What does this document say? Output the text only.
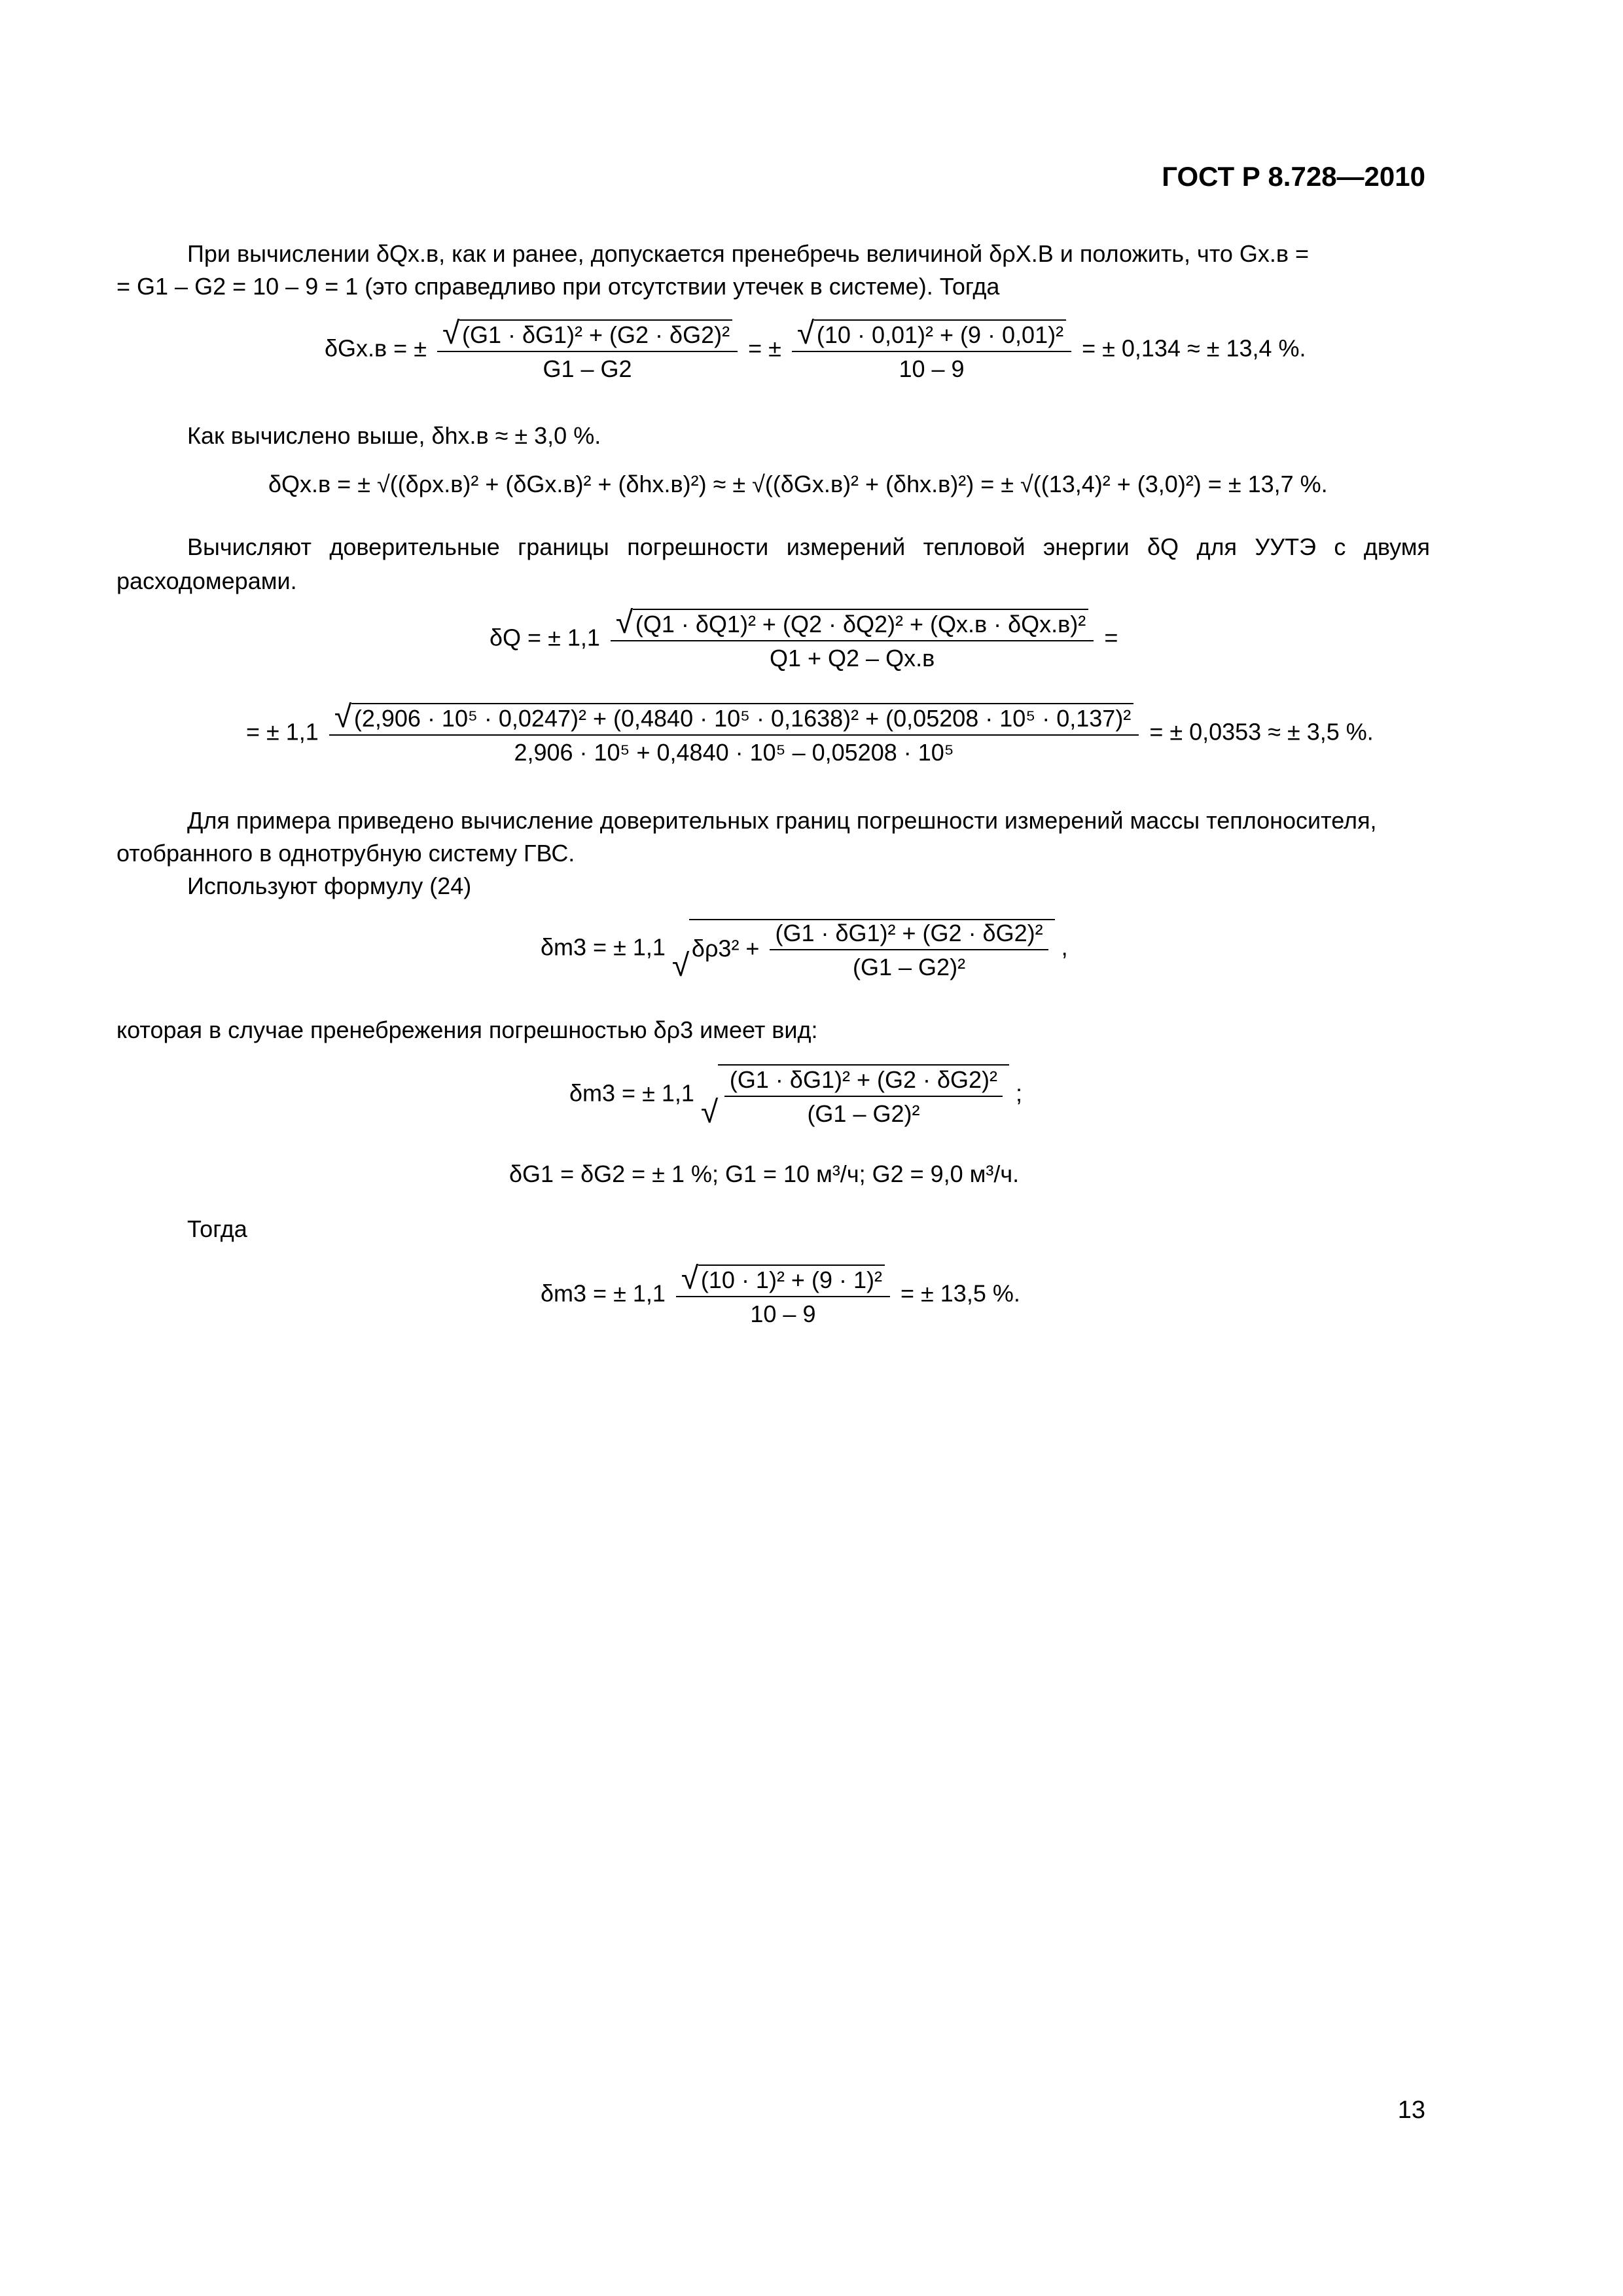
ГОСТ Р 8.728—2010
При вычислении δQх.в, как и ранее, допускается пренебречь величиной δρХ.В и положить, что Gх.в =
= G1 – G2 = 10 – 9 = 1 (это справедливо при отсутствии утечек в системе). Тогда
δGх.в = ± $\frac{\text{√ (G1 · δG1)² + (G2 · δG2)²}}{G1 - G2}$ = ± $\frac{\text{√ (10 · 0,01)² + (9 · 0,01)²}}{10 - 9}$ = ± 0,134 ≈ ± 13,4 %.
Как вычислено выше, δhх.в ≈ ± 3,0 %.
δQх.в = ± √((δρх.в)² + (δGх.в)² + (δhх.в)²) ≈ ± √((δGх.в)² + (δhх.в)²) = ± √((13,4)² + (3,0)²) = ± 13,7 %.
Вычисляют доверительные границы погрешности измерений тепловой энергии δQ для УУТЭ с двумя расходомерами.
δQ = ± $1,1 \frac{\text{√ (Q1 · δQ1)² + (Q2 · δQ2)² + (Qх.в · δQх.в)²}}{Q1 + Q2 - Qх.в}$ =
= ± 1,1 √ (2,906 · 10⁵ · 0,0247)² + (0,4840 · 10⁵ · 0,1638)² + (0,05208 · 10⁵ · 0,137)²
2,906 · 10⁵ + 0,4840 · 10⁵ – 0,05208 · 10⁵
= ± 0,0353 ≈ ± 3,5 %.
Для примера приведено вычисление доверительных границ погрешности измерений массы теплоносителя,
отобранного в однотрубную систему ГВС.
Используют формулу (24)
δm3 = ± 1,1
√ $\delta\rho 3^2 + \frac{\text{(G1 · δG1)² + (G2 · δG2)²}}{\text{(G1 – G2)²}}$ ,
которая в случае пренебрежения погрешностью δρ3 имеет вид:
δm3 = ± 1,1
√ $\frac{\text{(G1 · δG1)² + (G2 · δG2)²}}{\text{(G1 – G2)²}}$ ;
δG1 = δG2 = ± 1 %; G1 = 10 м³/ч; G2 = 9,0 м³/ч.
Тогда
δm3 = ± $1,1 \frac{\text{√ (10 · 1)² + (9 · 1)²}}{10 - 9}$ = ± 13,5 %.
13
